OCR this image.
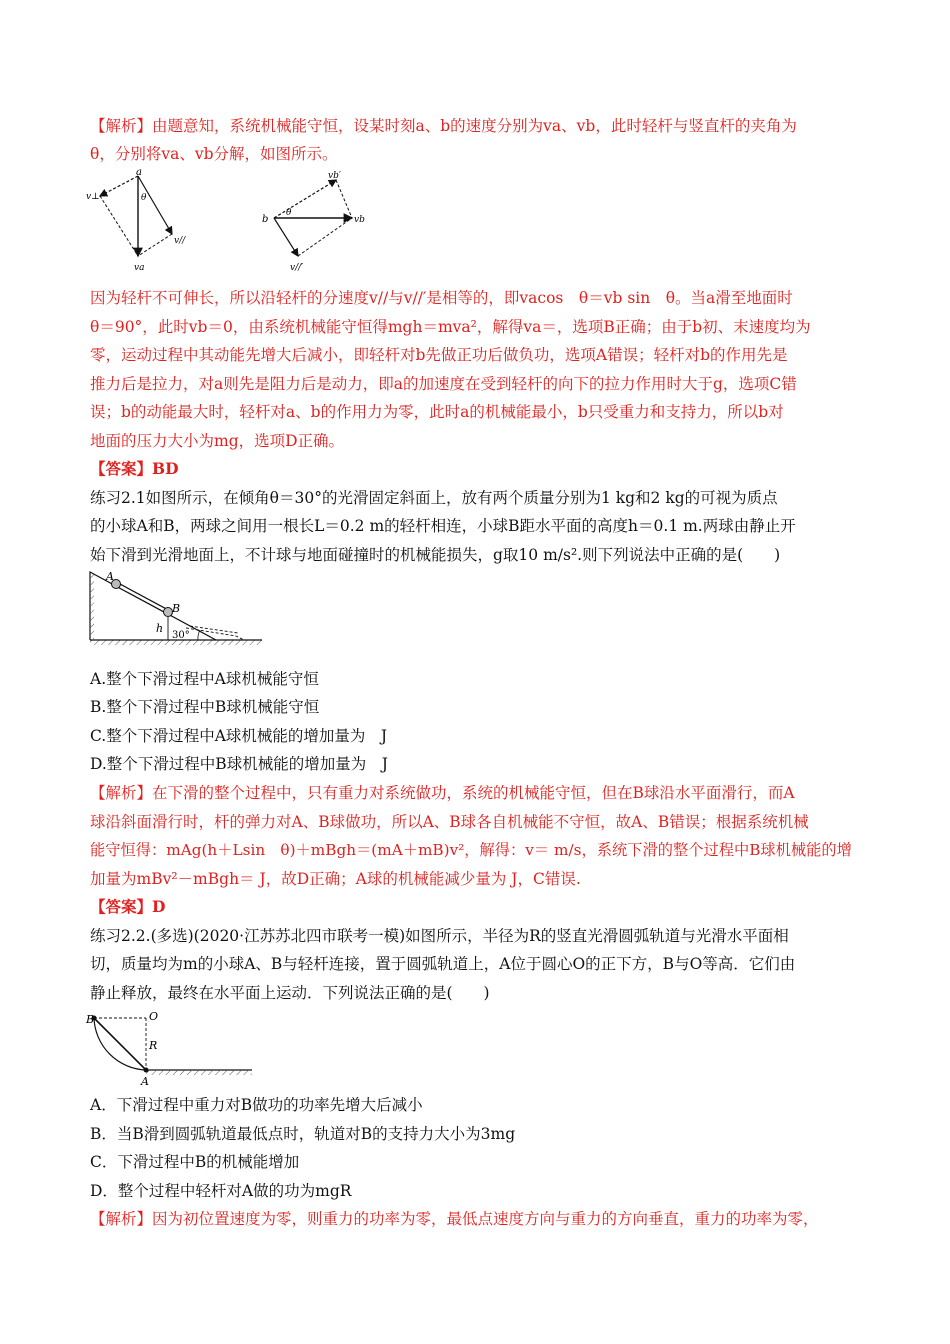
【解析】由题意知，系统机械能守恒，设某时刻a、b的速度分别为va、vb，此时轻杆与竖直杆的夹角为
θ，分别将va、vb分解，如图所示。
a
v⊥	θ
v//
va
b
θ
vb
vb′
v//′
因为轻杆不可伸长，所以沿轻杆的分速度v//与v//′是相等的，即vacos　θ＝vb sin　θ。当a滑至地面时
θ＝90°，此时vb＝0，由系统机械能守恒得mgh＝mva²，解得va＝，选项B正确；由于b初、末速度均为
零，运动过程中其动能先增大后减小，即轻杆对b先做正功后做负功，选项A错误；轻杆对b的作用先是
推力后是拉力，对a则先是阻力后是动力，即a的加速度在受到轻杆的向下的拉力作用时大于g，选项C错
误；b的动能最大时，轻杆对a、b的作用力为零，此时a的机械能最小，b只受重力和支持力，所以b对
地面的压力大小为mg，选项D正确。
【答案】BD
练习2.1如图所示，在倾角θ＝30°的光滑固定斜面上，放有两个质量分别为1 kg和2 kg的可视为质点
的小球A和B，两球之间用一根长L＝0.2 m的轻杆相连，小球B距水平面的高度h＝0.1 m.两球由静止开
始下滑到光滑地面上，不计球与地面碰撞时的机械能损失，g取10 m/s².则下列说法中正确的是(　　)
A
B
h
30°
A.整个下滑过程中A球机械能守恒
B.整个下滑过程中B球机械能守恒
C.整个下滑过程中A球机械能的增加量为　J
D.整个下滑过程中B球机械能的增加量为　J
【解析】在下滑的整个过程中，只有重力对系统做功，系统的机械能守恒，但在B球沿水平面滑行，而A
球沿斜面滑行时，杆的弹力对A、B球做功，所以A、B球各自机械能不守恒，故A、B错误；根据系统机械
能守恒得：mAg(h＋Lsin　θ)＋mBgh＝(mA＋mB)v²，解得：v＝ m/s，系统下滑的整个过程中B球机械能的增
加量为mBv²－mBgh＝ J，故D正确；A球的机械能减少量为 J，C错误.
【答案】D
练习2.2.(多选)(2020·江苏苏北四市联考一模)如图所示，半径为R的竖直光滑圆弧轨道与光滑水平面相
切，质量均为m的小球A、B与轻杆连接，置于圆弧轨道上，A位于圆心O的正下方，B与O等高．它们由
静止释放，最终在水平面上运动．下列说法正确的是(　　)
B	O
R
A
A．下滑过程中重力对B做功的功率先增大后减小
B．当B滑到圆弧轨道最低点时，轨道对B的支持力大小为3mg
C．下滑过程中B的机械能增加
D．整个过程中轻杆对A做的功为mgR
【解析】因为初位置速度为零，则重力的功率为零，最低点速度方向与重力的方向垂直，重力的功率为零，
